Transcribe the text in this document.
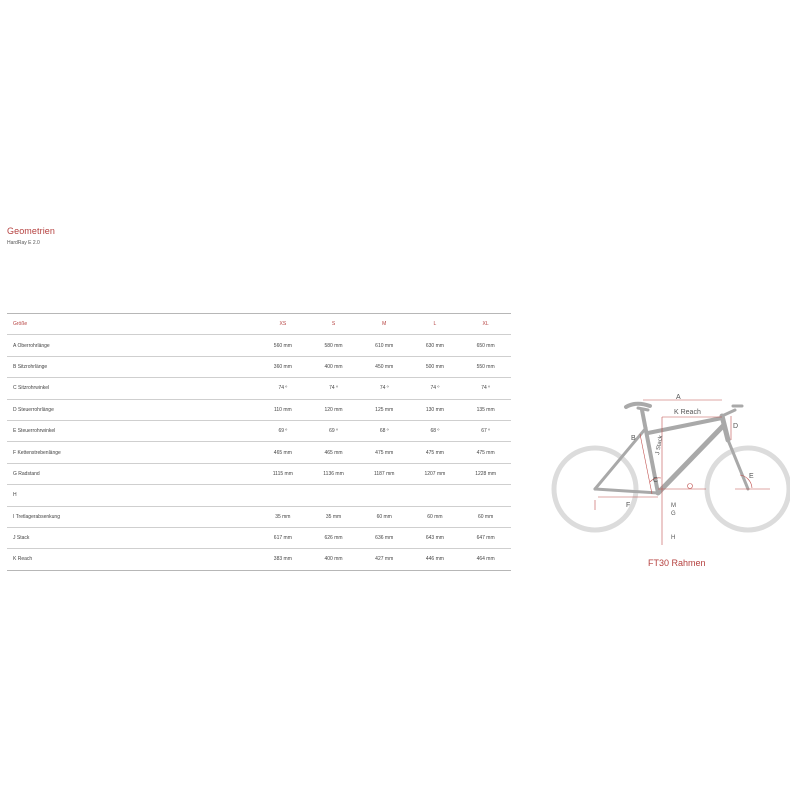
Geometrien
HardRay E 2.0
Größe	XS	S	M	L	XL
A Oberrohrlänge	560 mm	580 mm	610 mm	630 mm	650 mm
B Sitzrohrlänge	360 mm	400 mm	450 mm	500 mm	550 mm
C Sitzrohrwinkel	74 º	74 º	74 º	74 º	74 º
D Steuerrohrlänge	110 mm	120 mm	125 mm	130 mm	135 mm
E Steuerrohrwinkel	69 º	69 º	68 º	68 º	67 º
F Kettenstrebenlänge	465 mm	465 mm	475 mm	475 mm	475 mm
G Radstand	1115 mm	1136 mm	1187 mm	1207 mm	1228 mm
H					
I Tretlagerabsenkung	35 mm	35 mm	60 mm	60 mm	60 mm
J Stack	617 mm	626 mm	636 mm	643 mm	647 mm
K Reach	383 mm	400 mm	427 mm	446 mm	464 mm
A
K Reach
B
D
J Stack
C
E
F	M
G
H
FT30 Rahmen
